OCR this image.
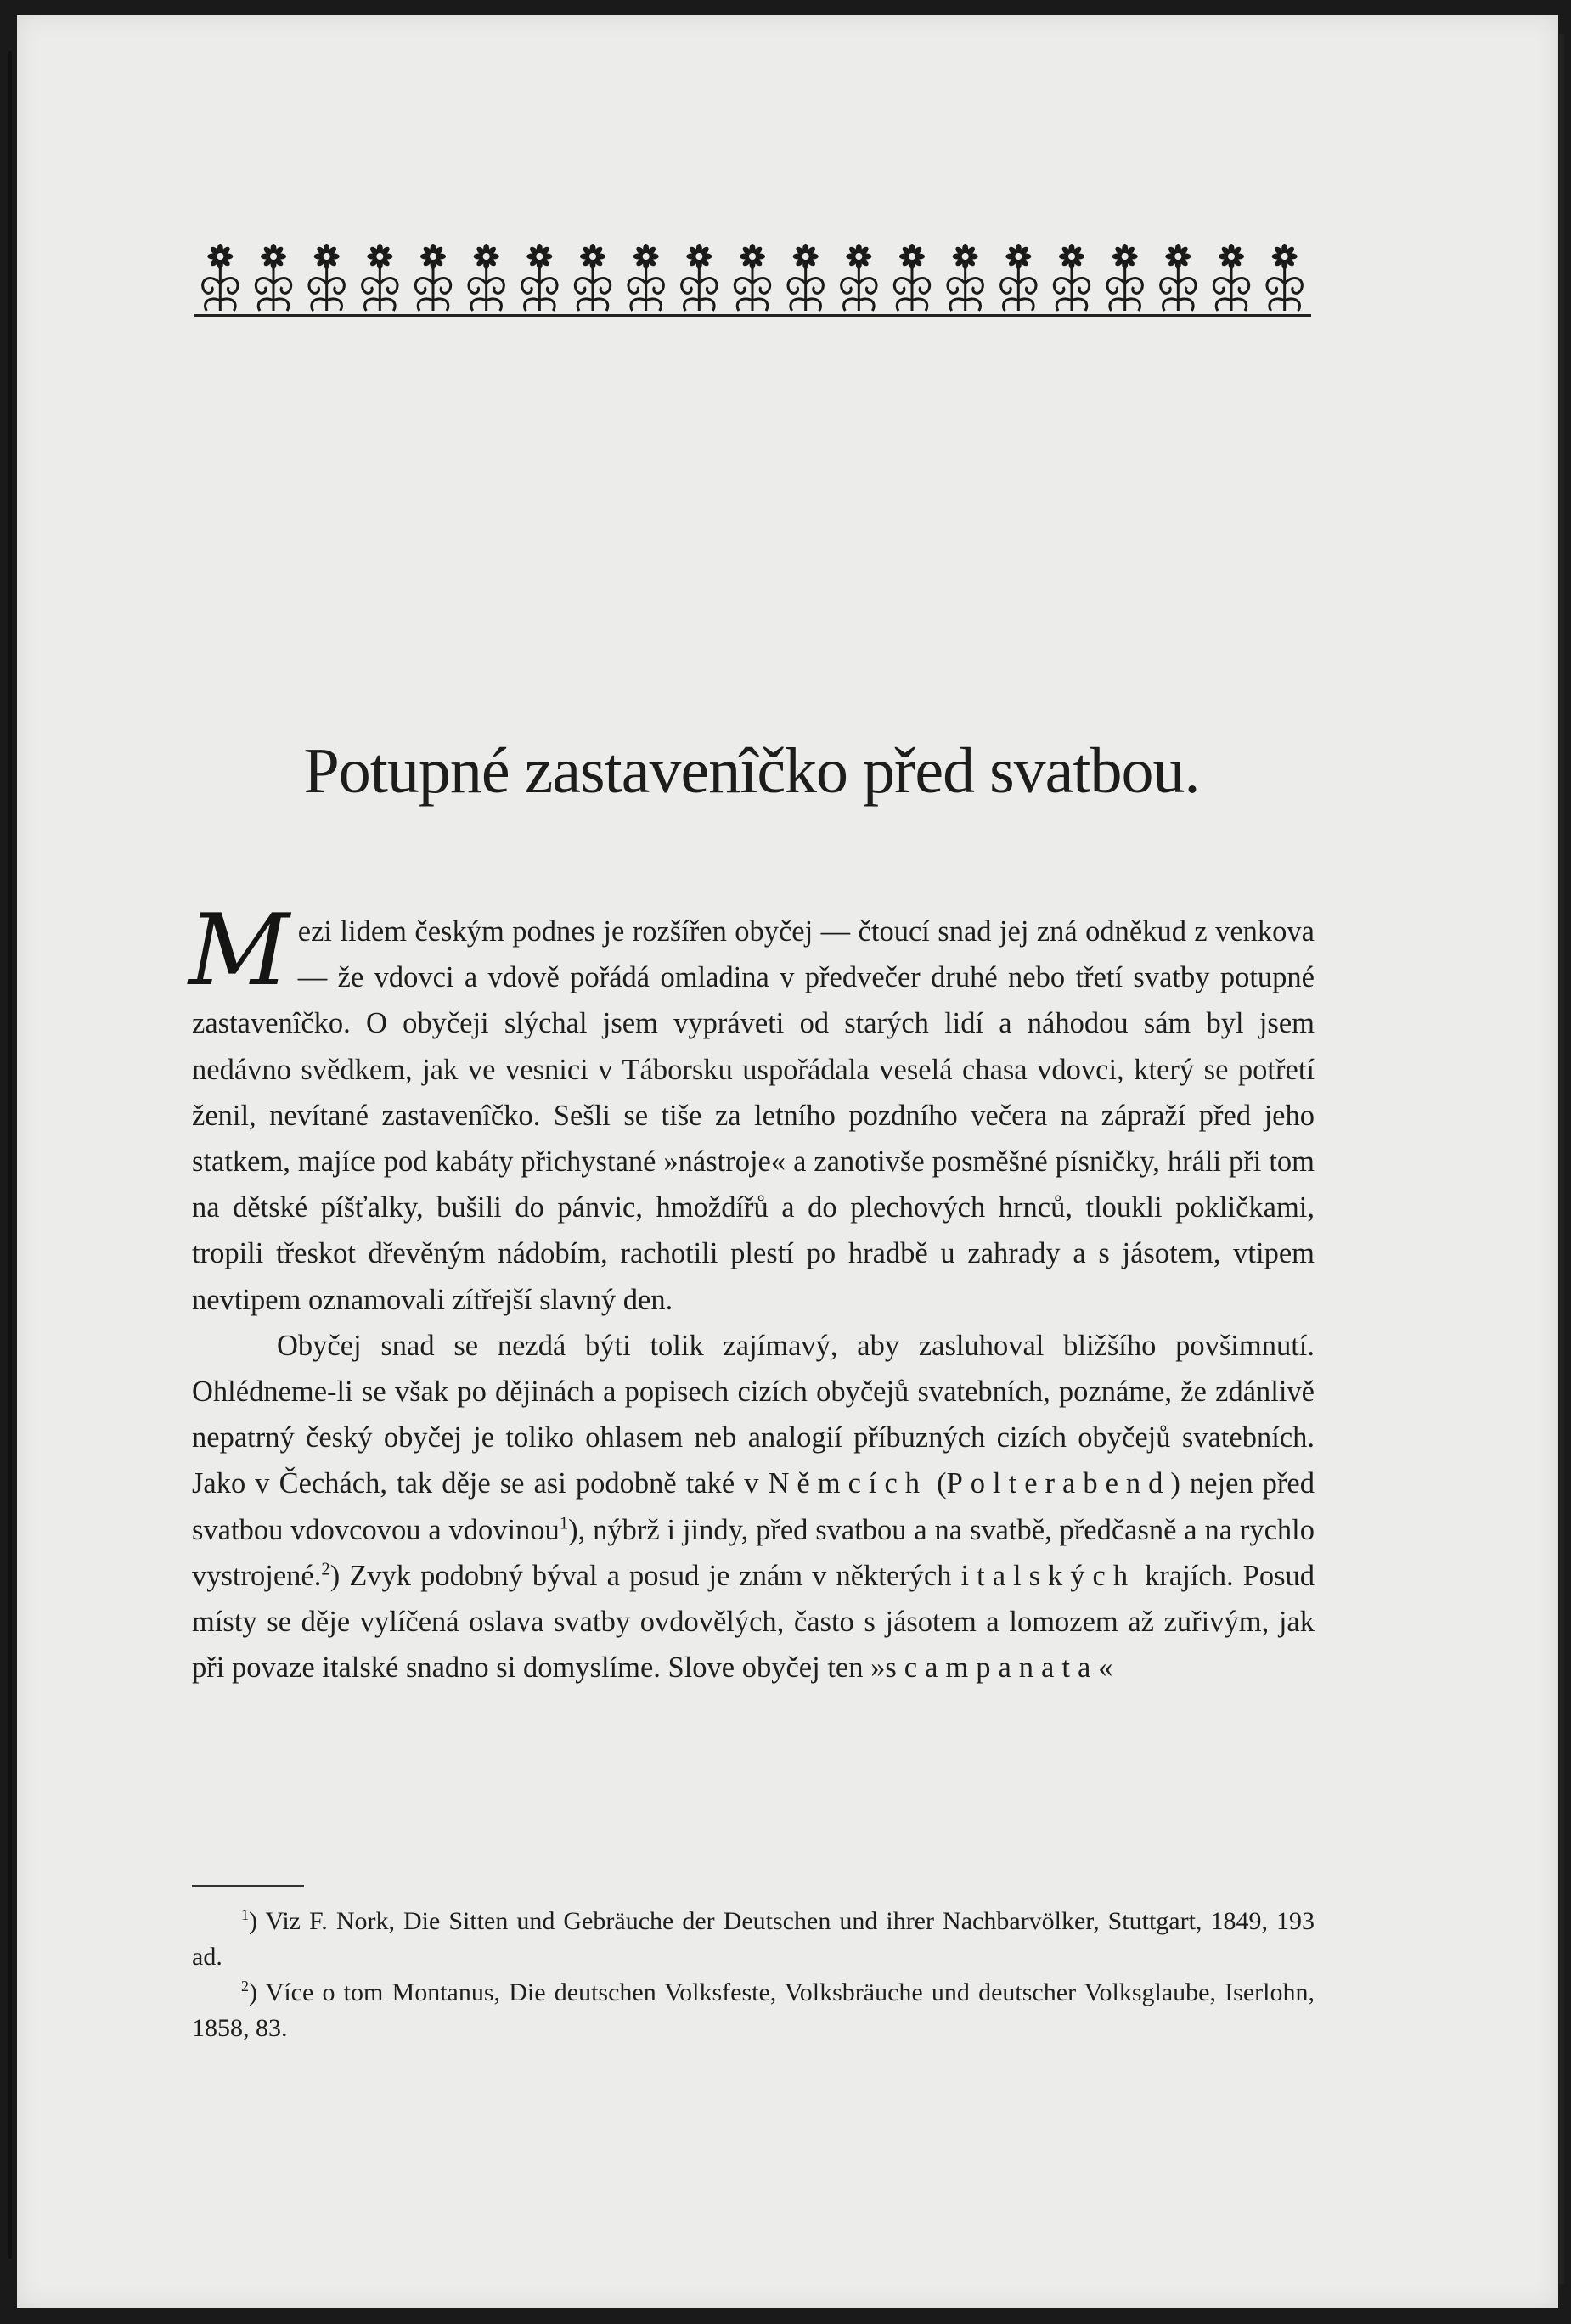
Potupné zastavenîčko před svatbou.

Mezi lidem českým podnes je rozšířen obyčej — čtoucí snad jej zná odněkud z venkova — že vdovci a vdově pořádá omladina v předvečer druhé nebo třetí svatby potupné zastavenîčko. O obyčeji slýchal jsem vypráveti od starých lidí a náhodou sám byl jsem nedávno svědkem, jak ve vesnici v Táborsku uspořádala veselá chasa vdovci, který se potřetí ženil, nevítané zastavenîčko. Sešli se tiše za letního pozdního večera na zápraží před jeho statkem, majíce pod kabáty přichystané »nástroje« a zanotivše posměšné písničky, hráli při tom na dětské píšťalky, bušili do pánvic, hmoždířů a do plechových hrnců, tloukli pokličkami, tropili třeskot dřevěným nádobím, rachotili plestí po hradbě u zahrady a s jásotem, vtipem nevtipem oznamovali zítřejší slavný den.

Obyčej snad se nezdá býti tolik zajímavý, aby zasluhoval bližšího povšimnutí. Ohlédneme-li se však po dějinách a popisech cizích obyčejů svatebních, poznáme, že zdánlivě nepatrný český obyčej je toliko ohlasem neb analogií příbuzných cizích obyčejů svatebních. Jako v Čechách, tak děje se asi podobně také v Němcích (Polterabend) nejen před svatbou vdovcovou a vdovinou$^1$), nýbrž i jindy, před svatbou a na svatbě, předčasně a na rychlo vystrojené.$^2$) Zvyk podobný býval a posud je znám v některých italských krajích. Posud místy se děje vylíčená oslava svatby ovdovělých, často s jásotem a lomozem až zuřivým, jak při povaze italské snadno si domyslíme. Slove obyčej ten »scampanata«

$^1$) Viz F. Nork, Die Sitten und Gebräuche der Deutschen und ihrer Nachbarvölker, Stuttgart, 1849, 193 ad.

$^2$) Více o tom Montanus, Die deutschen Volksfeste, Volksbräuche und deutscher Volksglaube, Iserlohn, 1858, 83.
